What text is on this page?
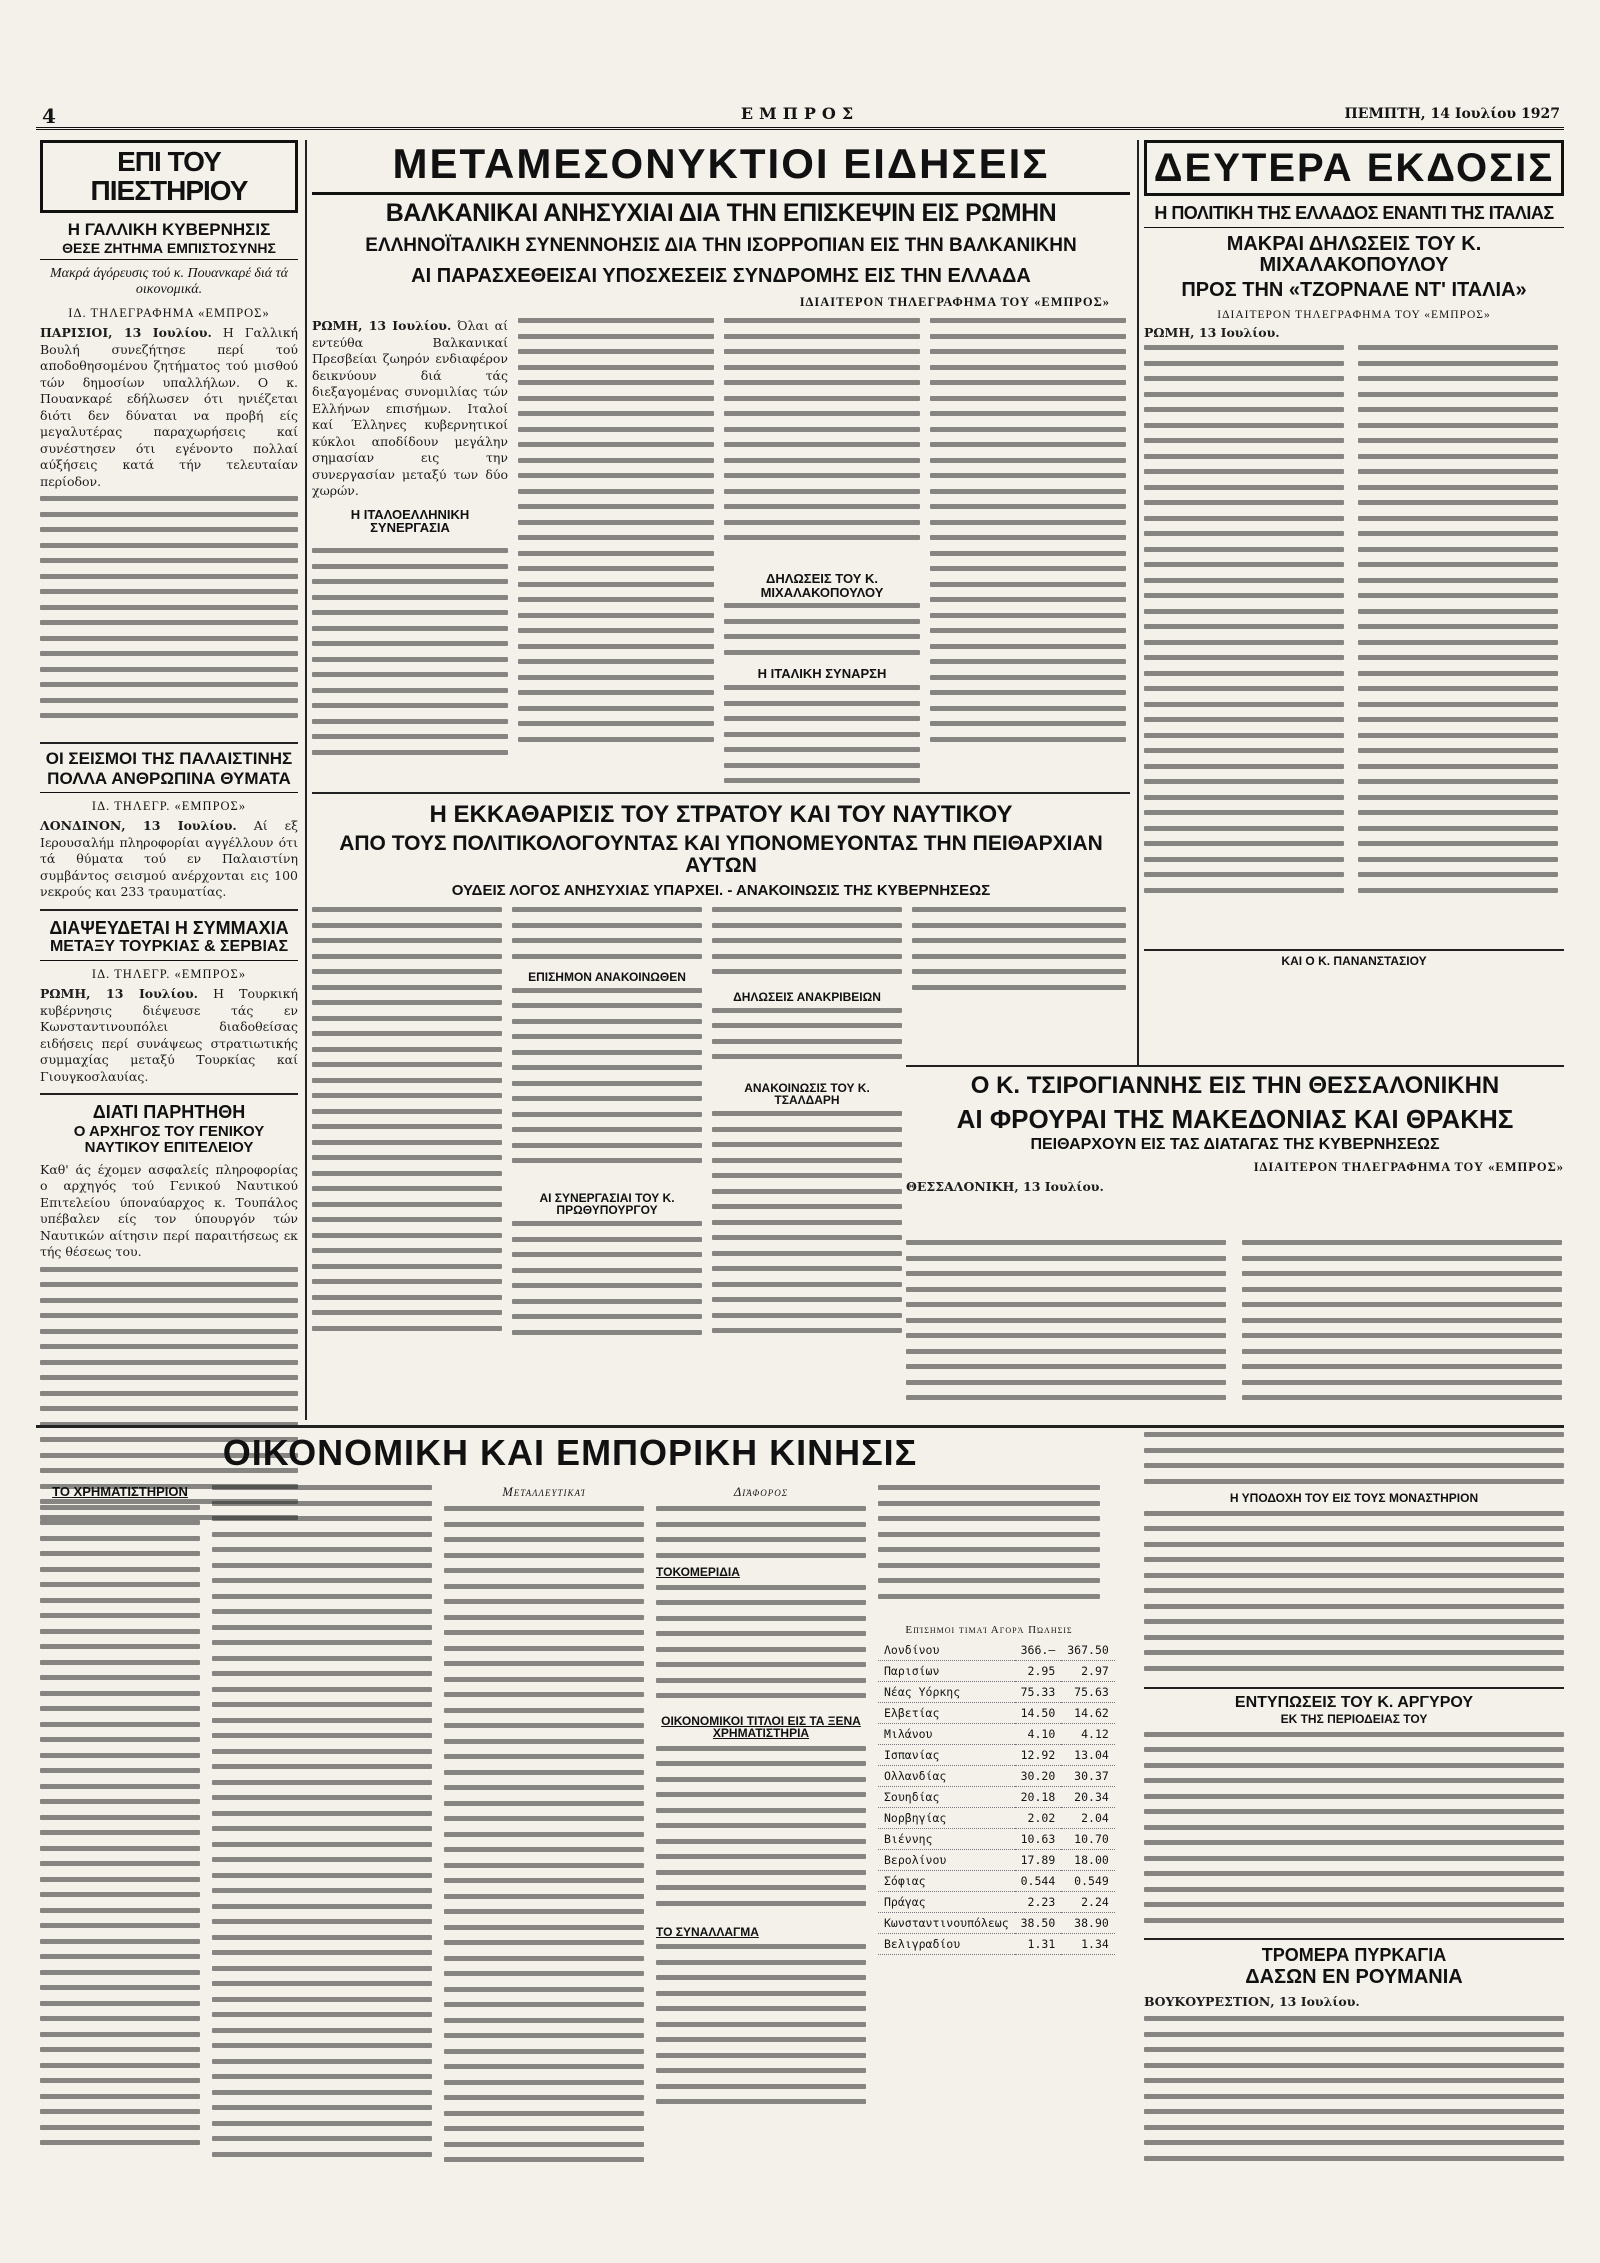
4	ΕΜΠΡΟΣ	ΠΕΜΠΤΗ, 14 Ιουλίου 1927
ΕΠΙ ΤΟΥ ΠΙΕΣΤΗΡΙΟΥ
Η ΓΑΛΛΙΚΗ ΚΥΒΕΡΝΗΣΙΣ
ΘΕΣΕ ΖΗΤΗΜΑ ΕΜΠΙΣΤΟΣΥΝΗΣ
Μακρά άγόρευσις τού κ. Πουανκαρέ διά τά οικονομικά.
ΙΔ. ΤΗΛΕΓΡΑΦΗΜΑ «ΕΜΠΡΟΣ»
ΠΑΡΙΣΙΟΙ, 13 Ιουλίου. Η Γαλλική Βουλή συνεζήτησε περί τού αποδοθησομένου ζητήματος τού μισθού τών δημοσίων υπαλλήλων. Ο κ. Πουανκαρέ εδήλωσεν ότι ηνιέζεται διότι δεν δύναται να προβή είς μεγαλυτέρας παραχωρήσεις καί συνέστησεν ότι εγένοντο πολλαί αύξήσεις κατά τήν τελευταίαν περίοδον.
ΟΙ ΣΕΙΣΜΟΙ ΤΗΣ ΠΑΛΑΙΣΤΙΝΗΣ
ΠΟΛΛΑ ΑΝΘΡΩΠΙΝΑ ΘΥΜΑΤΑ
ΙΔ. ΤΗΛΕΓΡ. «ΕΜΠΡΟΣ»
ΛΟΝΔΙΝΟΝ, 13 Ιουλίου. Αί εξ Ιερουσαλήμ πληροφορίαι αγγέλλουν ότι τά θύματα τού εν Παλαιστίνη συμβάντος σεισμού ανέρχονται εις 100 νεκρούς και 233 τραυματίας.
ΔΙΑΨΕΥΔΕΤΑΙ Η ΣΥΜΜΑΧΙΑ
ΜΕΤΑΞΥ ΤΟΥΡΚΙΑΣ & ΣΕΡΒΙΑΣ
ΙΔ. ΤΗΛΕΓΡ. «ΕΜΠΡΟΣ»
ΡΩΜΗ, 13 Ιουλίου. Η Τουρκική κυβέρνησις διέψευσε τάς εν Κωνσταντινουπόλει διαδοθείσας ειδήσεις περί συνάψεως στρατιωτικής συμμαχίας μεταξύ Τουρκίας καί Γιουγκοσλαυίας.
ΔΙΑΤΙ ΠΑΡΗΤΗΘΗ
Ο ΑΡΧΗΓΟΣ ΤΟΥ ΓΕΝΙΚΟΥ ΝΑΥΤΙΚΟΥ ΕΠΙΤΕΛΕΙΟΥ
Καθ' άς έχομεν ασφαλείς πληροφορίας ο αρχηγός τού Γενικού Ναυτικού Επιτελείου ύποναύαρχος κ. Τουπάλος υπέβαλεν είς τον ύπουργόν τών Ναυτικών αίτησιν περί παραιτήσεως εκ τής θέσεως του.
ΜΕΤΑΜΕΣΟΝΥΚΤΙΟΙ ΕΙΔΗΣΕΙΣ
ΒΑΛΚΑΝΙΚΑΙ ΑΝΗΣΥΧΙΑΙ ΔΙΑ ΤΗΝ ΕΠΙΣΚΕΨΙΝ ΕΙΣ ΡΩΜΗΝ
ΕΛΛΗΝΟΪΤΑΛΙΚΗ ΣΥΝΕΝΝΟΗΣΙΣ ΔΙΑ ΤΗΝ ΙΣΟΡΡΟΠΙΑΝ ΕΙΣ ΤΗΝ ΒΑΛΚΑΝΙΚΗΝ
ΑΙ ΠΑΡΑΣΧΕΘΕΙΣΑΙ ΥΠΟΣΧΕΣΕΙΣ ΣΥΝΔΡΟΜΗΣ ΕΙΣ ΤΗΝ ΕΛΛΑΔΑ
ΙΔΙΑΙΤΕΡΟΝ ΤΗΛΕΓΡΑΦΗΜΑ ΤΟΥ «ΕΜΠΡΟΣ»
ΡΩΜΗ, 13 Ιουλίου. Όλαι αί εντεύθα Βαλκανικαί Πρεσβείαι ζωηρόν ενδιαφέρον δεικνύουν διά τάς διεξαγομένας συνομιλίας τών Ελλήνων επισήμων. Ιταλοί καί Έλληνες κυβερνητικοί κύκλοι αποδίδουν μεγάλην σημασίαν εις την συνεργασίαν μεταξύ των δύο χωρών.
Η ΙΤΑΛΟΕΛΛΗΝΙΚΗ ΣΥΝΕΡΓΑΣΙΑ
ΔΗΛΩΣΕΙΣ ΤΟΥ Κ. ΜΙΧΑΛΑΚΟΠΟΥΛΟΥ
Η ΙΤΑΛΙΚΗ ΣΥΝΑΡΣΗ
Η ΕΚΚΑΘΑΡΙΣΙΣ ΤΟΥ ΣΤΡΑΤΟΥ ΚΑΙ ΤΟΥ ΝΑΥΤΙΚΟΥ
ΑΠΟ ΤΟΥΣ ΠΟΛΙΤΙΚΟΛΟΓΟΥΝΤΑΣ ΚΑΙ ΥΠΟΝΟΜΕΥΟΝΤΑΣ ΤΗΝ ΠΕΙΘΑΡΧΙΑΝ ΑΥΤΩΝ
ΟΥΔΕΙΣ ΛΟΓΟΣ ΑΝΗΣΥΧΙΑΣ ΥΠΑΡΧΕΙ. - ΑΝΑΚΟΙΝΩΣΙΣ ΤΗΣ ΚΥΒΕΡΝΗΣΕΩΣ
ΕΠΙΣΗΜΟΝ ΑΝΑΚΟΙΝΩΘΕΝ
ΑΙ ΣΥΝΕΡΓΑΣΙΑΙ ΤΟΥ Κ. ΠΡΩΘΥΠΟΥΡΓΟΥ
ΔΗΛΩΣΕΙΣ ΑΝΑΚΡΙΒΕΙΩΝ
ΑΝΑΚΟΙΝΩΣΙΣ ΤΟΥ Κ. ΤΣΑΛΔΑΡΗ
Ο Κ. ΤΣΙΡΟΓΙΑΝΝΗΣ ΕΙΣ ΤΗΝ ΘΕΣΣΑΛΟΝΙΚΗΝ
ΑΙ ΦΡΟΥΡΑΙ ΤΗΣ ΜΑΚΕΔΟΝΙΑΣ ΚΑΙ ΘΡΑΚΗΣ
ΠΕΙΘΑΡΧΟΥΝ ΕΙΣ ΤΑΣ ΔΙΑΤΑΓΑΣ ΤΗΣ ΚΥΒΕΡΝΗΣΕΩΣ
ΙΔΙΑΙΤΕΡΟΝ ΤΗΛΕΓΡΑΦΗΜΑ ΤΟΥ «ΕΜΠΡΟΣ»
ΘΕΣΣΑΛΟΝΙΚΗ, 13 Ιουλίου.
ΔΕΥΤΕΡΑ ΕΚΔΟΣΙΣ
Η ΠΟΛΙΤΙΚΗ ΤΗΣ ΕΛΛΑΔΟΣ ΕΝΑΝΤΙ ΤΗΣ ΙΤΑΛΙΑΣ
ΜΑΚΡΑΙ ΔΗΛΩΣΕΙΣ ΤΟΥ Κ. ΜΙΧΑΛΑΚΟΠΟΥΛΟΥ
ΠΡΟΣ ΤΗΝ «ΤΖΟΡΝΑΛΕ ΝΤ' ΙΤΑΛΙΑ»
ΙΔΙΑΙΤΕΡΟΝ ΤΗΛΕΓΡΑΦΗΜΑ ΤΟΥ «ΕΜΠΡΟΣ»
ΡΩΜΗ, 13 Ιουλίου.
ΚΑΙ Ο Κ. ΠΑΝΑΝΣΤΑΣΙΟΥ
ΟΙΚΟΝΟΜΙΚΗ ΚΑΙ ΕΜΠΟΡΙΚΗ ΚΙΝΗΣΙΣ
ΤΟ ΧΡΗΜΑΤΙΣΤΗΡΙΟΝ	Μεταλλευτικαί	Διάφορος
ΤΟΚΟΜΕΡΙΔΙΑ
ΟΙΚΟΝΟΜΙΚΟΙ ΤΙΤΛΟΙ ΕΙΣ ΤΑ ΞΕΝΑ ΧΡΗΜΑΤΙΣΤΗΡΙΑ
ΤΟ ΣΥΝΑΛΛΑΓΜΑ
Επίσημοι τιμαί Αγορά Πώλησις
Λονδίνου	366.—	367.50
Παρισίων	2.95	2.97
Νέας Υόρκης	75.33	75.63
Ελβετίας	14.50	14.62
Μιλάνου	4.10	4.12
Ισπανίας	12.92	13.04
Ολλανδίας	30.20	30.37
Σουηδίας	20.18	20.34
Νορβηγίας	2.02	2.04
Βιέννης	10.63	10.70
Βερολίνου	17.89	18.00
Σόφιας	0.544	0.549
Πράγας	2.23	2.24
Κωνσταντινουπόλεως	38.50	38.90
Βελιγραδίου	1.31	1.34
Η ΥΠΟΔΟΧΗ ΤΟΥ ΕΙΣ ΤΟΥΣ ΜΟΝΑΣΤΗΡΙΟΝ
ΕΝΤΥΠΩΣΕΙΣ ΤΟΥ Κ. ΑΡΓΥΡΟΥ
ΕΚ ΤΗΣ ΠΕΡΙΟΔΕΙΑΣ ΤΟΥ
ΤΡΟΜΕΡΑ ΠΥΡΚΑΓΙΑ
ΔΑΣΩΝ ΕΝ ΡΟΥΜΑΝΙΑ
ΒΟΥΚΟΥΡΕΣΤΙΟΝ, 13 Ιουλίου.
